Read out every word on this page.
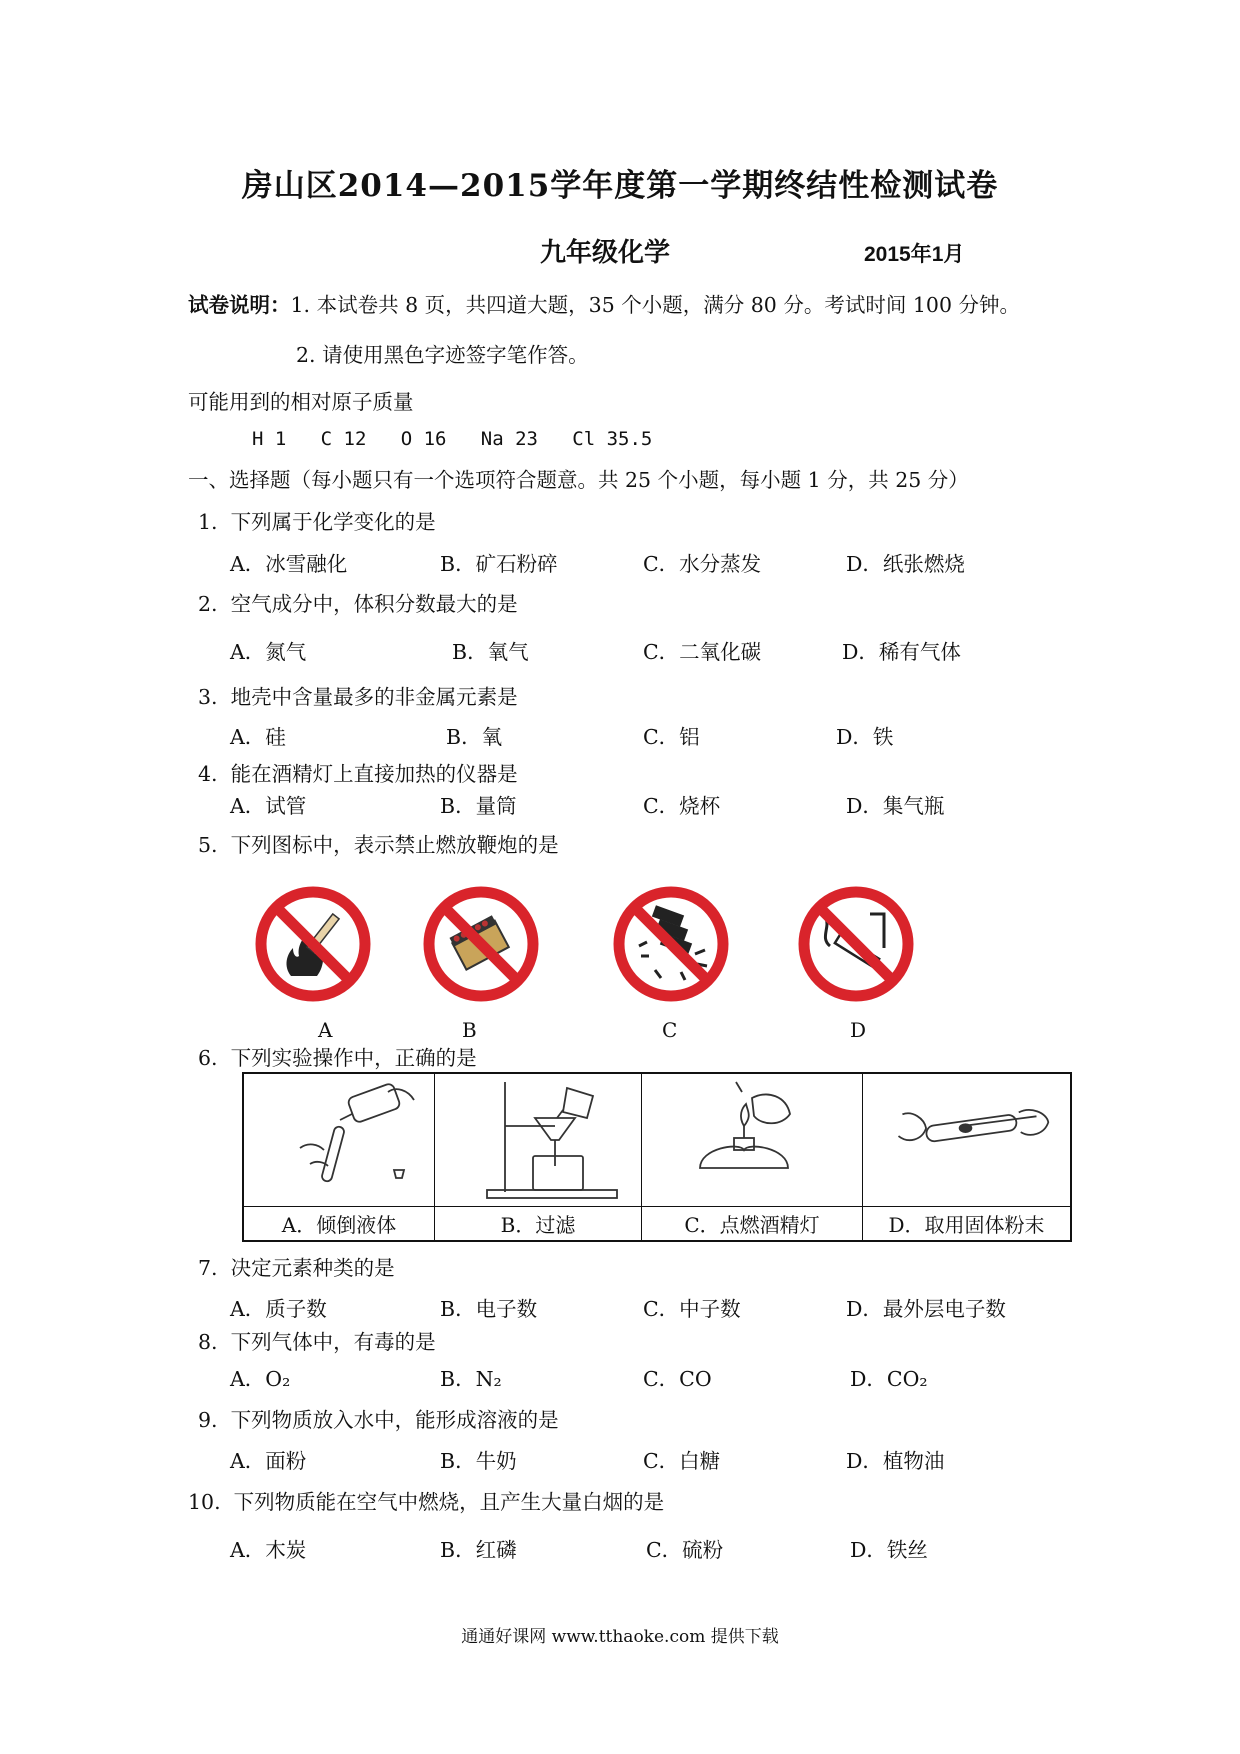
房山区2014—2015学年度第一学期终结性检测试卷
九年级化学	2015年1月
试卷说明：1. 本试卷共 8 页，共四道大题，35 个小题，满分 80 分。考试时间 100 分钟。
2. 请使用黑色字迹签字笔作答。
可能用到的相对原子质量
H 1   C 12   O 16   Na 23   Cl 35.5
一、选择题（每小题只有一个选项符合题意。共 25 个小题，每小题 1 分，共 25 分）
1. 下列属于化学变化的是
A．冰雪融化	B．矿石粉碎	C．水分蒸发	D．纸张燃烧
2. 空气成分中，体积分数最大的是
A．氮气	B．氧气	C．二氧化碳	D．稀有气体
3. 地壳中含量最多的非金属元素是
A．硅	B．氧	C．铝	D．铁
4. 能在酒精灯上直接加热的仪器是
A．试管	B．量筒	C．烧杯	D．集气瓶
5. 下列图标中，表示禁止燃放鞭炮的是
A	B	C	D
6. 下列实验操作中，正确的是

A．倾倒液体	B．过滤	C．点燃酒精灯	D．取用固体粉末
7. 决定元素种类的是
A．质子数	B．电子数	C．中子数	D．最外层电子数
8. 下列气体中，有毒的是
A．O₂	B．N₂	C．CO	D．CO₂
9. 下列物质放入水中，能形成溶液的是
A．面粉	B．牛奶	C．白糖	D．植物油
10. 下列物质能在空气中燃烧，且产生大量白烟的是
A．木炭	B．红磷	C．硫粉	D．铁丝
通通好课网 www.tthaoke.com 提供下载
